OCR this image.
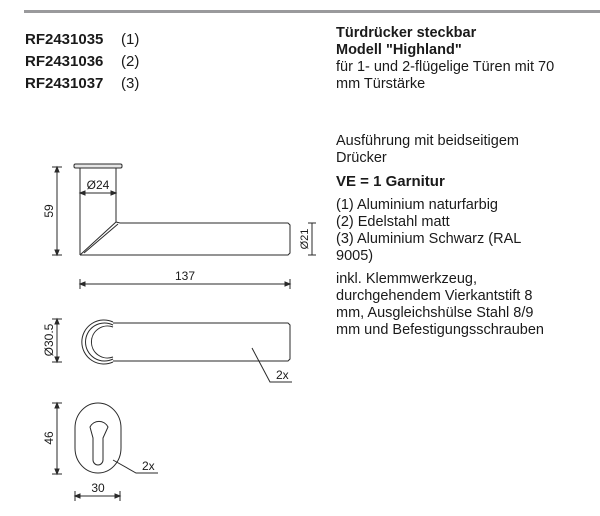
RF2431035 (1)
RF2431036 (2)
RF2431037 (3)
Türdrücker steckbar
Modell "Highland"
für 1- und 2-flügelige Türen mit 70
mm Türstärke
Ausführung mit beidseitigem
Drücker
VE = 1 Garnitur
(1) Aluminium naturfarbig
(2) Edelstahl matt
(3) Aluminium Schwarz (RAL
9005)
inkl. Klemmwerkzeug,
durchgehendem Vierkantstift 8
mm, Ausgleichshülse Stahl 8/9
mm und Befestigungsschrauben
Ø24
59
137
Ø21
Ø30.5
2x
46
30
2x
